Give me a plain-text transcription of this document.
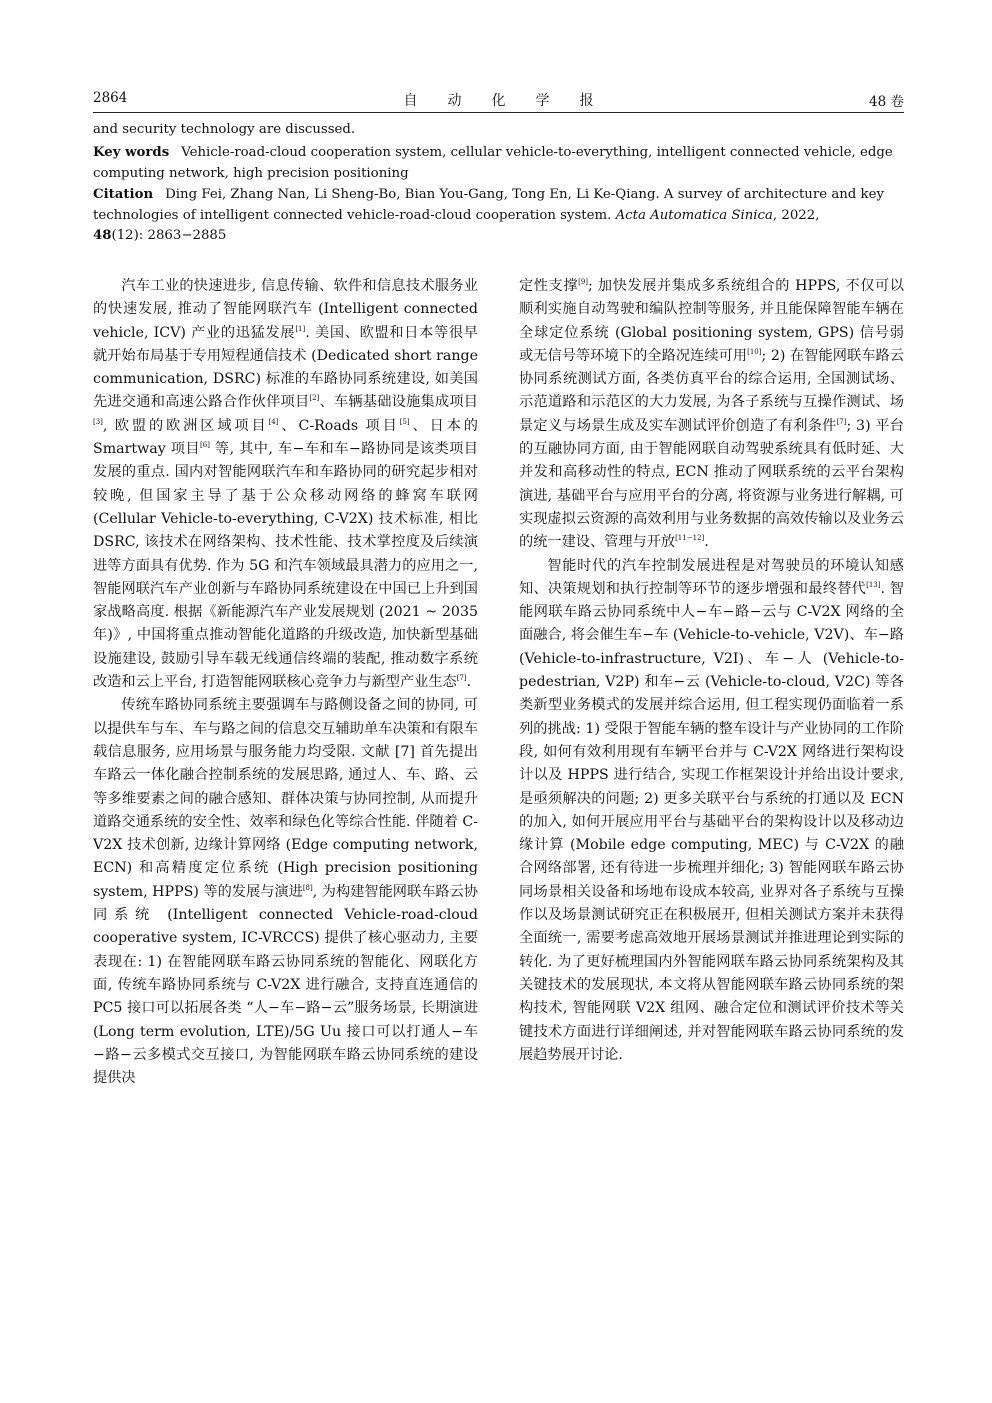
2864	自动化学报	48 卷
and security technology are discussed.
Key words Vehicle-road-cloud cooperation system, cellular vehicle-to-everything, intelligent connected vehicle, edge computing network, high precision positioning
Citation Ding Fei, Zhang Nan, Li Sheng-Bo, Bian You-Gang, Tong En, Li Ke-Qiang. A survey of architecture and key technologies of intelligent connected vehicle-road-cloud cooperation system. Acta Automatica Sinica, 2022,
48(12): 2863−2885

汽车工业的快速进步, 信息传输、软件和信息技术服务业的快速发展, 推动了智能网联汽车 (Intelligent connected vehicle, ICV) 产业的迅猛发展[1]. 美国、欧盟和日本等很早就开始布局基于专用短程通信技术 (Dedicated short range communication, DSRC) 标准的车路协同系统建设, 如美国先进交通和高速公路合作伙伴项目[2]、车辆基础设施集成项目[3], 欧盟的欧洲区域项目[4]、C-Roads 项目[5]、日本的 Smartway 项目[6] 等, 其中, 车−车和车−路协同是该类项目发展的重点. 国内对智能网联汽车和车路协同的研究起步相对较晚, 但国家主导了基于公众移动网络的蜂窝车联网 (Cellular Vehicle-to-everything, C-V2X) 技术标准, 相比 DSRC, 该技术在网络架构、技术性能、技术掌控度及后续演进等方面具有优势. 作为 5G 和汽车领域最具潜力的应用之一, 智能网联汽车产业创新与车路协同系统建设在中国已上升到国家战略高度. 根据《新能源汽车产业发展规划 (2021 ~ 2035 年)》, 中国将重点推动智能化道路的升级改造, 加快新型基础设施建设, 鼓励引导车载无线通信终端的装配, 推动数字系统改造和云上平台, 打造智能网联核心竞争力与新型产业生态[7].

传统车路协同系统主要强调车与路侧设备之间的协同, 可以提供车与车、车与路之间的信息交互辅助单车决策和有限车载信息服务, 应用场景与服务能力均受限. 文献 [7] 首先提出车路云一体化融合控制系统的发展思路, 通过人、车、路、云等多维要素之间的融合感知、群体决策与协同控制, 从而提升道路交通系统的安全性、效率和绿色化等综合性能. 伴随着 C-V2X 技术创新, 边缘计算网络 (Edge computing network, ECN) 和高精度定位系统 (High precision positioning system, HPPS) 等的发展与演进[8], 为构建智能网联车路云协同系统 (Intelligent connected Vehicle-road-cloud cooperative system, IC-VRCCS) 提供了核心驱动力, 主要表现在: 1) 在智能网联车路云协同系统的智能化、网联化方面, 传统车路协同系统与 C-V2X 进行融合, 支持直连通信的 PC5 接口可以拓展各类 “人−车−路−云”服务场景, 长期演进 (Long term evolution, LTE)/5G Uu 接口可以打通人−车−路−云多模式交互接口, 为智能网联车路云协同系统的建设提供决

定性支撑[9]; 加快发展并集成多系统组合的 HPPS, 不仅可以顺利实施自动驾驶和编队控制等服务, 并且能保障智能车辆在全球定位系统 (Global positioning system, GPS) 信号弱或无信号等环境下的全路况连续可用[10]; 2) 在智能网联车路云协同系统测试方面, 各类仿真平台的综合运用, 全国测试场、示范道路和示范区的大力发展, 为各子系统与互操作测试、场景定义与场景生成及实车测试评价创造了有利条件[7]; 3) 平台的互融协同方面, 由于智能网联自动驾驶系统具有低时延、大并发和高移动性的特点, ECN 推动了网联系统的云平台架构演进, 基础平台与应用平台的分离, 将资源与业务进行解耦, 可实现虚拟云资源的高效利用与业务数据的高效传输以及业务云的统一建设、管理与开放[11−12].

智能时代的汽车控制发展进程是对驾驶员的环境认知感知、决策规划和执行控制等环节的逐步增强和最终替代[13]. 智能网联车路云协同系统中人−车−路−云与 C-V2X 网络的全面融合, 将会催生车−车 (Vehicle-to-vehicle, V2V)、车−路 (Vehicle-to-infrastructure, V2I)、车−人 (Vehicle-to-pedestrian, V2P) 和车−云 (Vehicle-to-cloud, V2C) 等各类新型业务模式的发展并综合运用, 但工程实现仍面临着一系列的挑战: 1) 受限于智能车辆的整车设计与产业协同的工作阶段, 如何有效利用现有车辆平台并与 C-V2X 网络进行架构设计以及 HPPS 进行结合, 实现工作框架设计并给出设计要求, 是亟须解决的问题; 2) 更多关联平台与系统的打通以及 ECN 的加入, 如何开展应用平台与基础平台的架构设计以及移动边缘计算 (Mobile edge computing, MEC) 与 C-V2X 的融合网络部署, 还有待进一步梳理并细化; 3) 智能网联车路云协同场景相关设备和场地布设成本较高, 业界对各子系统与互操作以及场景测试研究正在积极展开, 但相关测试方案并未获得全面统一, 需要考虑高效地开展场景测试并推进理论到实际的转化. 为了更好梳理国内外智能网联车路云协同系统架构及其关键技术的发展现状, 本文将从智能网联车路云协同系统的架构技术, 智能网联 V2X 组网、融合定位和测试评价技术等关键技术方面进行详细阐述, 并对智能网联车路云协同系统的发展趋势展开讨论.
